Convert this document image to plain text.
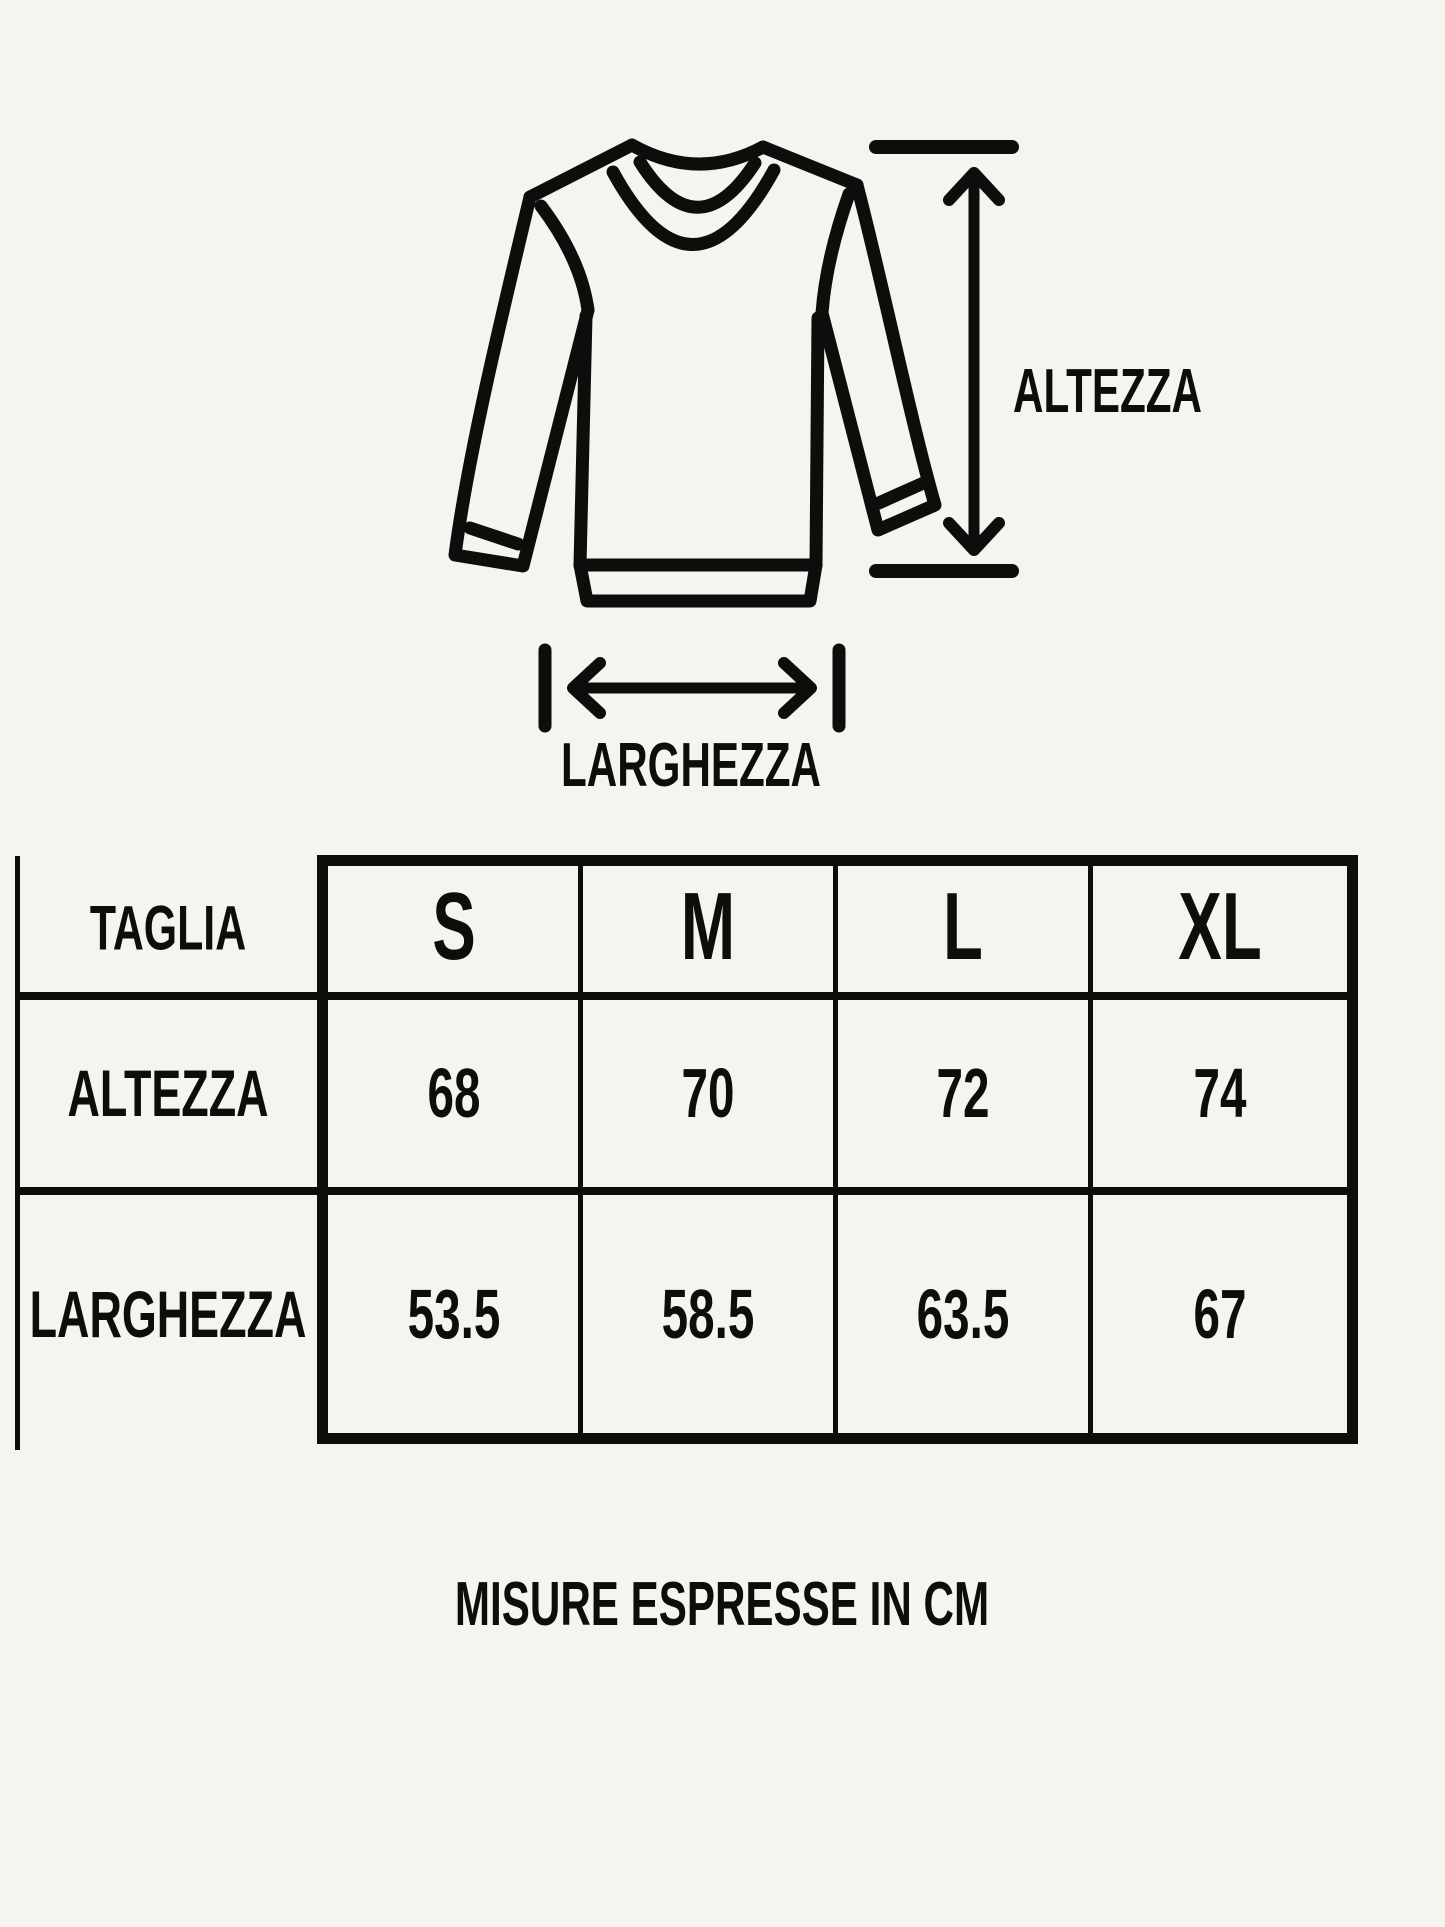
ALTEZZA
LARGHEZZA
TAGLIA S M L XL
ALTEZZA 68	70	72	74
LARGHEZZA 53.5 58.5 63.5	67
MISURE ESPRESSE IN CM
